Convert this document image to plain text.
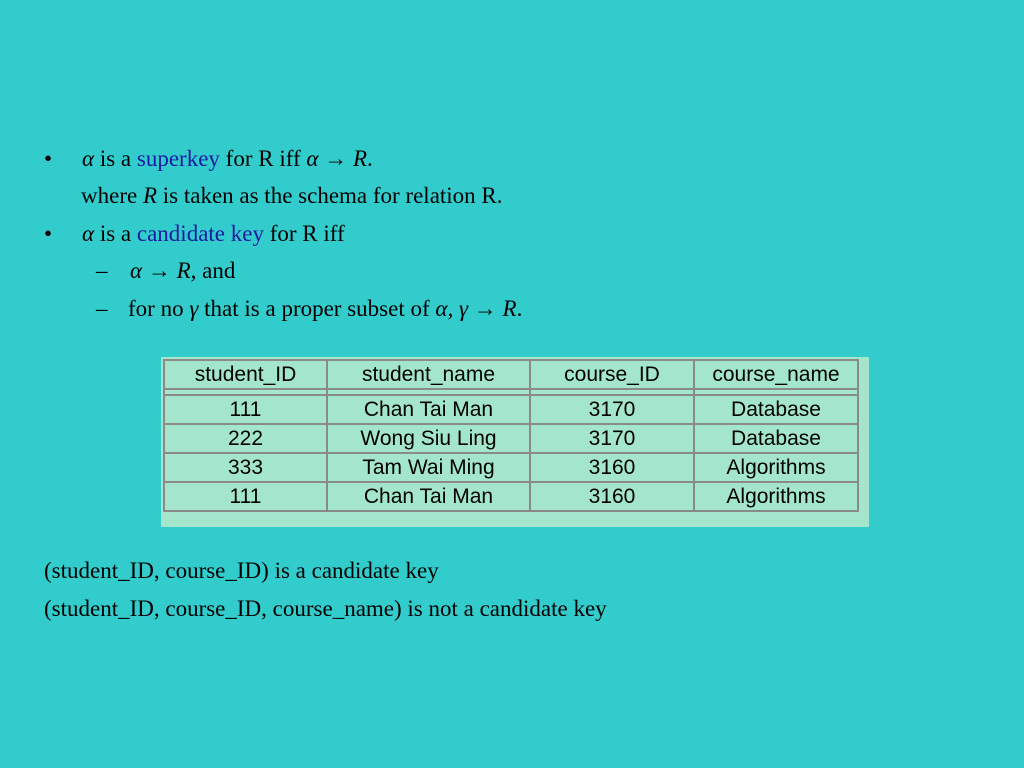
• α is a superkey for R iff α → R.
where R is taken as the schema for relation R.
• α is a candidate key for R iff
– α → R, and
– for no γ that is a proper subset of α, γ → R.
student_ID	student_name	course_ID	course_name

111	Chan Tai Man	3170	Database
222	Wong Siu Ling	3170	Database
333	Tam Wai Ming	3160	Algorithms
111	Chan Tai Man	3160	Algorithms
(student_ID, course_ID) is a candidate key
(student_ID, course_ID, course_name) is not a candidate key
